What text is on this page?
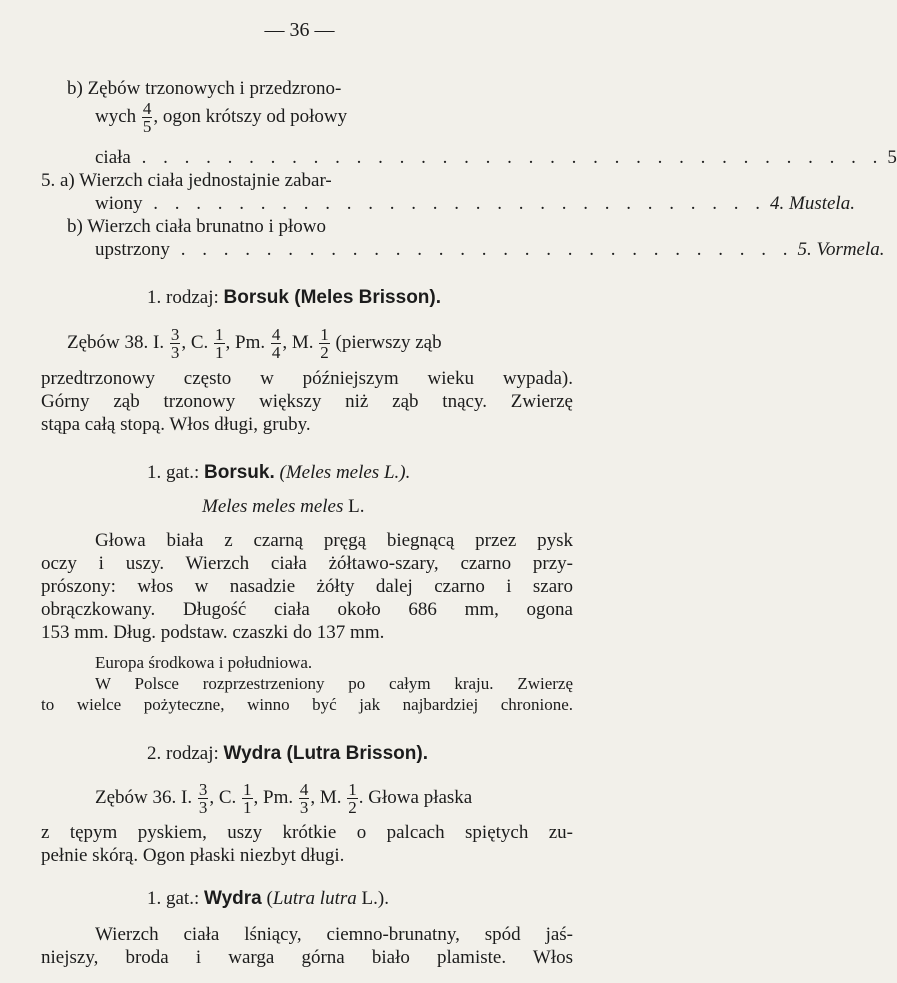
— 36 —
b) Zębów trzonowych i przedzrono-
wych $\frac{4}{5}$ , ogon krótszy od połowy
ciała . . . . . . . . . . . . . . . . . . . . . . . . . . . . . . . . . . . 5
5. a) Wierzch ciała jednostajnie zabar-
wiony . . . . . . . . . . . . . . . . . . . . . . . . . . . . . 4. Mustela.
b) Wierzch ciała brunatno i płowo
upstrzony . . . . . . . . . . . . . . . . . . . . . . . . . . . . . 5. Vormela.
1. rodzaj: Borsuk (Meles Brisson).
Zębów 38. I. $\frac{3}{3}$ , C. $\frac{1}{1}$ , Pm. $\frac{4}{4}$ , M. $\frac{1}{2}$ (pierwszy ząb
przedtrzonowy często w późniejszym wieku wypada).
Górny ząb trzonowy większy niż ząb tnący. Zwierzę
stąpa całą stopą. Włos długi, gruby.
1. gat.: Borsuk. (Meles meles L.).
Meles meles meles L.
Głowa biała z czarną pręgą biegnącą przez pysk
oczy i uszy. Wierzch ciała żółtawo-szary, czarno przy-
prószony: włos w nasadzie żółty dalej czarno i szaro
obrączkowany. Długość ciała około 686 mm, ogona
153 mm. Dług. podstaw. czaszki do 137 mm.
Europa środkowa i południowa.
W Polsce rozprzestrzeniony po całym kraju. Zwierzę
to wielce pożyteczne, winno być jak najbardziej chronione.
2. rodzaj: Wydra (Lutra Brisson).
Zębów 36. I. $\frac{3}{3}$ , C. $\frac{1}{1}$ , Pm. $\frac{4}{3}$ , M. $\frac{1}{2}$ . Głowa płaska
z tępym pyskiem, uszy krótkie o palcach spiętych zu-
pełnie skórą. Ogon płaski niezbyt długi.
1. gat.: Wydra (Lutra lutra L.).
Wierzch ciała lśniący, ciemno-brunatny, spód jaś-
niejszy, broda i warga górna biało plamiste. Włos
